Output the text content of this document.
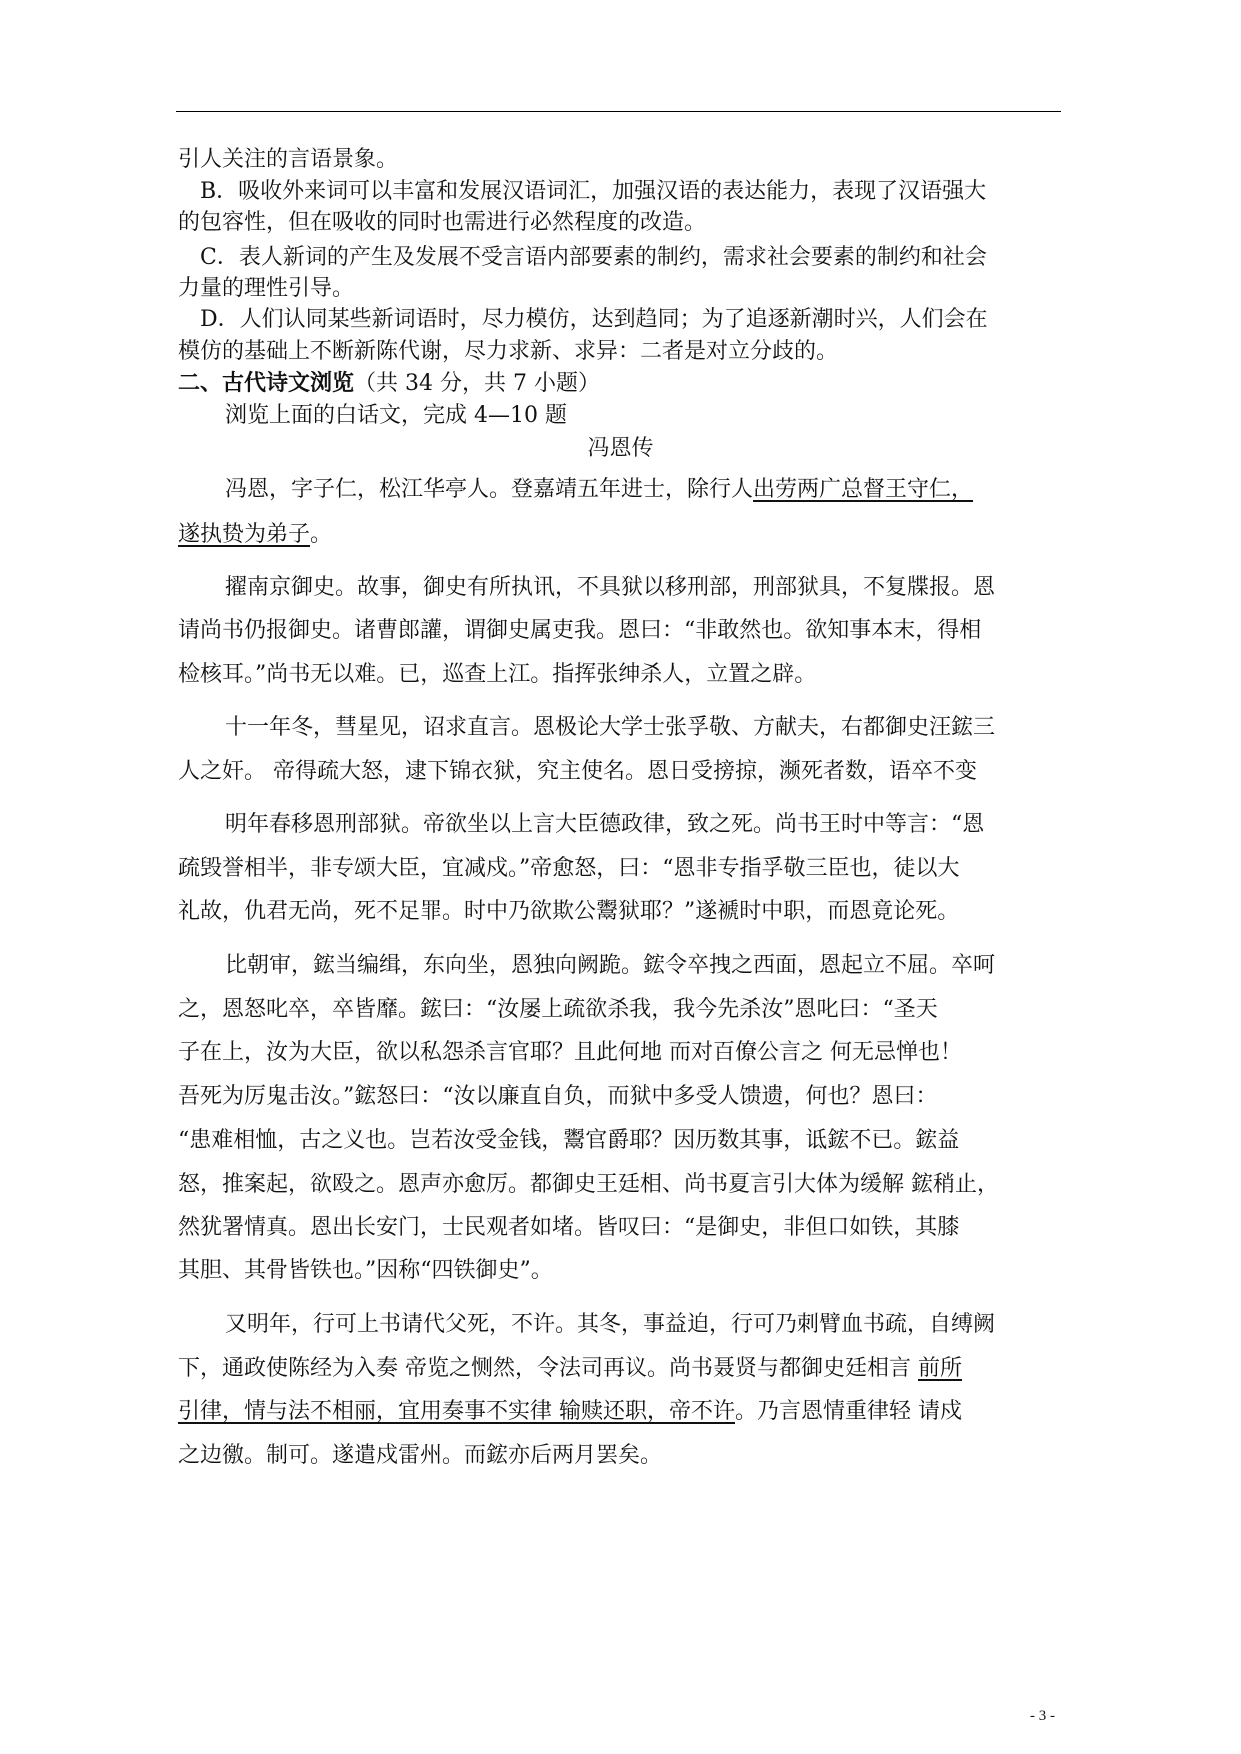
引人关注的言语景象。
B．吸收外来词可以丰富和发展汉语词汇，加强汉语的表达能力，表现了汉语强大
的包容性，但在吸收的同时也需进行必然程度的改造。
C．表人新词的产生及发展不受言语内部要素的制约，需求社会要素的制约和社会
力量的理性引导。
D．人们认同某些新词语时，尽力模仿，达到趋同；为了追逐新潮时兴，人们会在
模仿的基础上不断新陈代谢，尽力求新、求异：二者是对立分歧的。
二、古代诗文浏览（共 34 分，共 7 小题）
浏览上面的白话文，完成 4—10 题
冯恩传
冯恩，字子仁，松江华亭人。登嘉靖五年进士，除行人出劳两广总督王守仁，
遂执贽为弟子。
擢南京御史。故事，御史有所执讯，不具狱以移刑部，刑部狱具，不复牒报。恩
请尚书仍报御史。诸曹郎讙，谓御史属吏我。恩曰：“非敢然也。欲知事本末，得相
检核耳。”尚书无以难。已，巡查上江。指挥张绅杀人，立置之辟。
十一年冬，彗星见，诏求直言。恩极论大学士张孚敬、方献夫，右都御史汪鋐三
人之奸。 帝得疏大怒，逮下锦衣狱，究主使名。恩日受搒掠，濒死者数，语卒不变
明年春移恩刑部狱。帝欲坐以上言大臣德政律，致之死。尚书王时中等言：“恩
疏毁誉相半，非专颂大臣，宜减戍。”帝愈怒，曰：“恩非专指孚敬三臣也，徒以大
礼故，仇君无尚，死不足罪。时中乃欲欺公鬻狱耶？”遂褫时中职，而恩竟论死。
比朝审，鋐当编缉，东向坐，恩独向阙跪。鋐令卒拽之西面，恩起立不屈。卒呵
之，恩怒叱卒，卒皆靡。鋐曰：“汝屡上疏欲杀我，我今先杀汝”恩叱曰：“圣天
子在上，汝为大臣，欲以私怨杀言官耶？且此何地 而对百僚公言之 何无忌惮也！
吾死为厉鬼击汝。”鋐怒曰：“汝以廉直自负，而狱中多受人馈遗，何也？恩曰：
“患难相恤，古之义也。岂若汝受金钱，鬻官爵耶？因历数其事，诋鋐不已。鋐益
怒，推案起，欲殴之。恩声亦愈厉。都御史王廷相、尚书夏言引大体为缓解 鋐稍止，
然犹署情真。恩出长安门，士民观者如堵。皆叹曰：“是御史，非但口如铁，其膝
其胆、其骨皆铁也。”因称“四铁御史”。
又明年，行可上书请代父死，不许。其冬，事益迫，行可乃刺臂血书疏，自缚阙
下，通政使陈经为入奏 帝览之恻然，令法司再议。尚书聂贤与都御史廷相言 前所
引律，情与法不相丽，宜用奏事不实律 输赎还职，帝不许。乃言恩情重律轻 请戍
之边徼。制可。遂遣戍雷州。而鋐亦后两月罢矣。
- 3 -
